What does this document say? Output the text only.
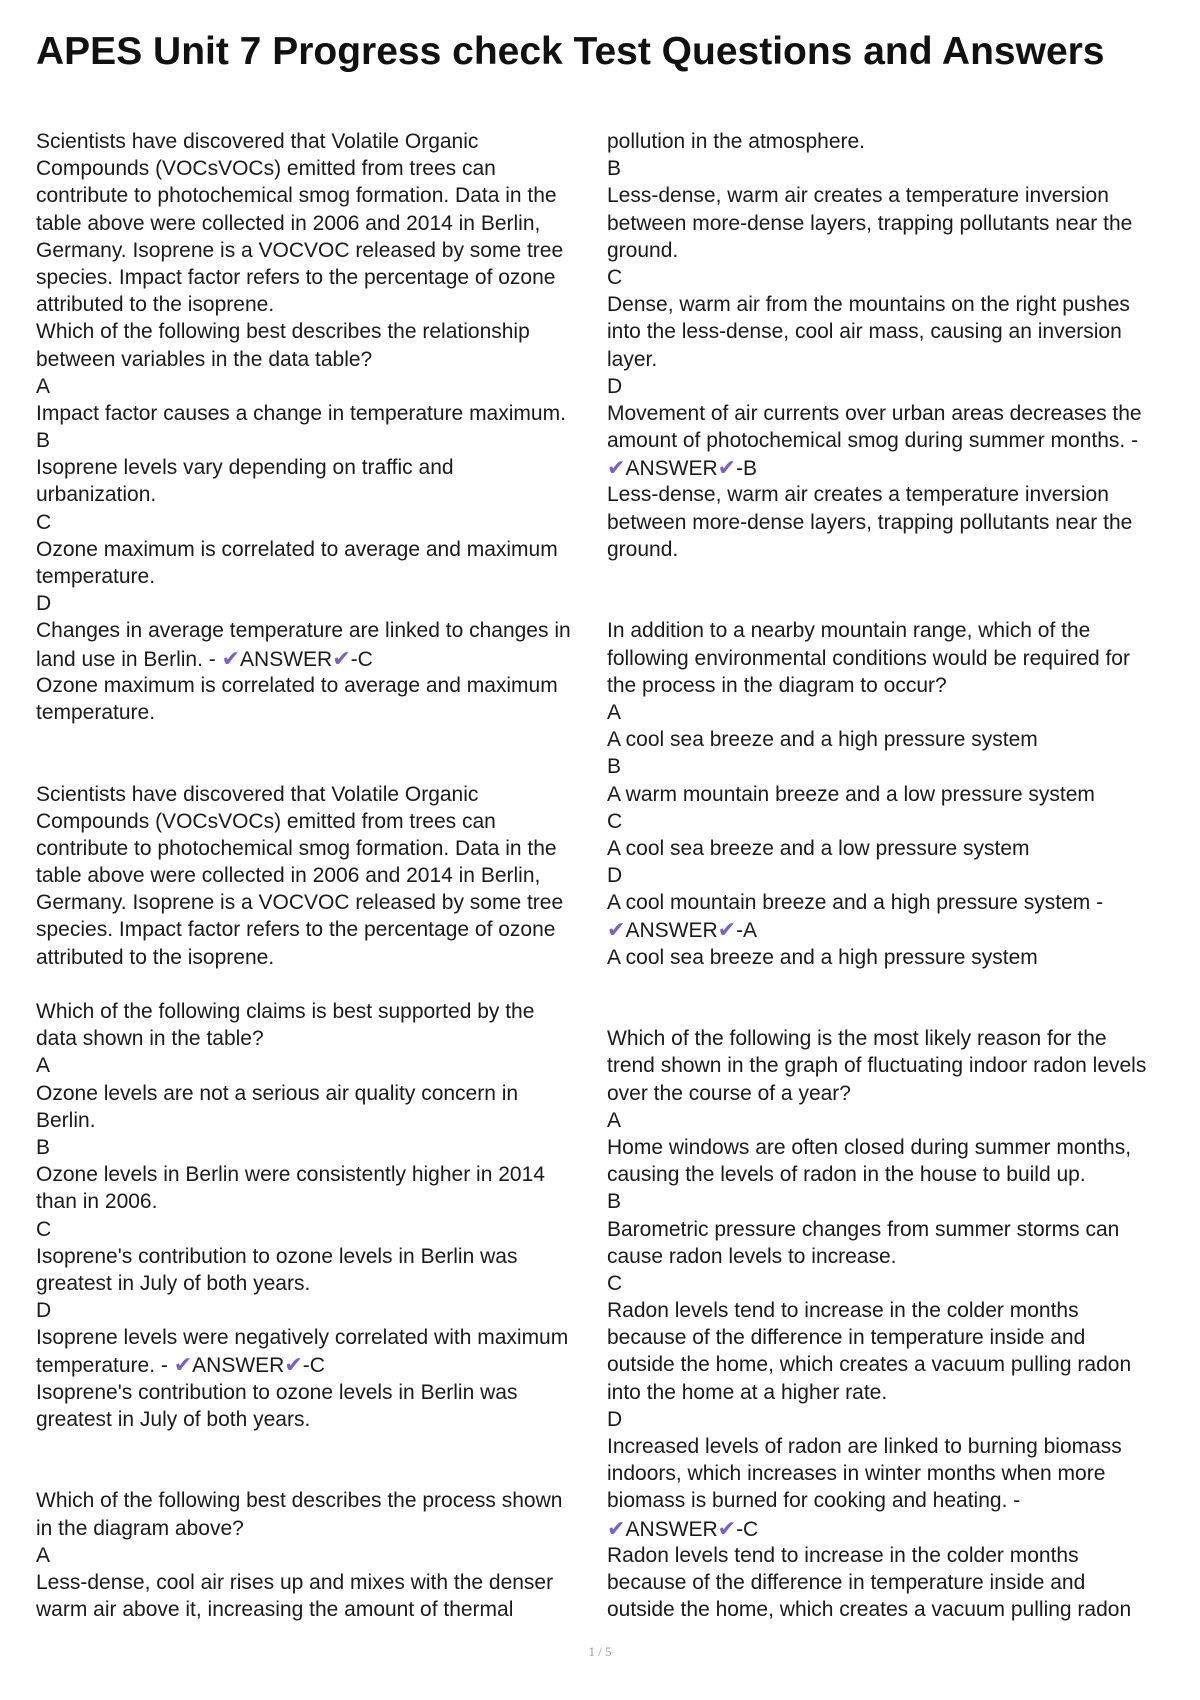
APES Unit 7 Progress check Test Questions and Answers
Scientists have discovered that Volatile Organic
Compounds (VOCsVOCs) emitted from trees can
contribute to photochemical smog formation. Data in the
table above were collected in 2006 and 2014 in Berlin,
Germany. Isoprene is a VOCVOC released by some tree
species. Impact factor refers to the percentage of ozone
attributed to the isoprene.
Which of the following best describes the relationship
between variables in the data table?
A
Impact factor causes a change in temperature maximum.
B
Isoprene levels vary depending on traffic and
urbanization.
C
Ozone maximum is correlated to average and maximum
temperature.
D
Changes in average temperature are linked to changes in
land use in Berlin. - ✔ANSWER✔-C
Ozone maximum is correlated to average and maximum
temperature.
Scientists have discovered that Volatile Organic
Compounds (VOCsVOCs) emitted from trees can
contribute to photochemical smog formation. Data in the
table above were collected in 2006 and 2014 in Berlin,
Germany. Isoprene is a VOCVOC released by some tree
species. Impact factor refers to the percentage of ozone
attributed to the isoprene.
Which of the following claims is best supported by the
data shown in the table?
A
Ozone levels are not a serious air quality concern in
Berlin.
B
Ozone levels in Berlin were consistently higher in 2014
than in 2006.
C
Isoprene's contribution to ozone levels in Berlin was
greatest in July of both years.
D
Isoprene levels were negatively correlated with maximum
temperature. - ✔ANSWER✔-C
Isoprene's contribution to ozone levels in Berlin was
greatest in July of both years.
Which of the following best describes the process shown
in the diagram above?
A
Less-dense, cool air rises up and mixes with the denser
warm air above it, increasing the amount of thermal
pollution in the atmosphere.
B
Less-dense, warm air creates a temperature inversion
between more-dense layers, trapping pollutants near the
ground.
C
Dense, warm air from the mountains on the right pushes
into the less-dense, cool air mass, causing an inversion
layer.
D
Movement of air currents over urban areas decreases the
amount of photochemical smog during summer months. -
✔ANSWER✔-B
Less-dense, warm air creates a temperature inversion
between more-dense layers, trapping pollutants near the
ground.
In addition to a nearby mountain range, which of the
following environmental conditions would be required for
the process in the diagram to occur?
A
A cool sea breeze and a high pressure system
B
A warm mountain breeze and a low pressure system
C
A cool sea breeze and a low pressure system
D
A cool mountain breeze and a high pressure system -
✔ANSWER✔-A
A cool sea breeze and a high pressure system
Which of the following is the most likely reason for the
trend shown in the graph of fluctuating indoor radon levels
over the course of a year?
A
Home windows are often closed during summer months,
causing the levels of radon in the house to build up.
B
Barometric pressure changes from summer storms can
cause radon levels to increase.
C
Radon levels tend to increase in the colder months
because of the difference in temperature inside and
outside the home, which creates a vacuum pulling radon
into the home at a higher rate.
D
Increased levels of radon are linked to burning biomass
indoors, which increases in winter months when more
biomass is burned for cooking and heating. -
✔ANSWER✔-C
Radon levels tend to increase in the colder months
because of the difference in temperature inside and
outside the home, which creates a vacuum pulling radon
1 / 5
